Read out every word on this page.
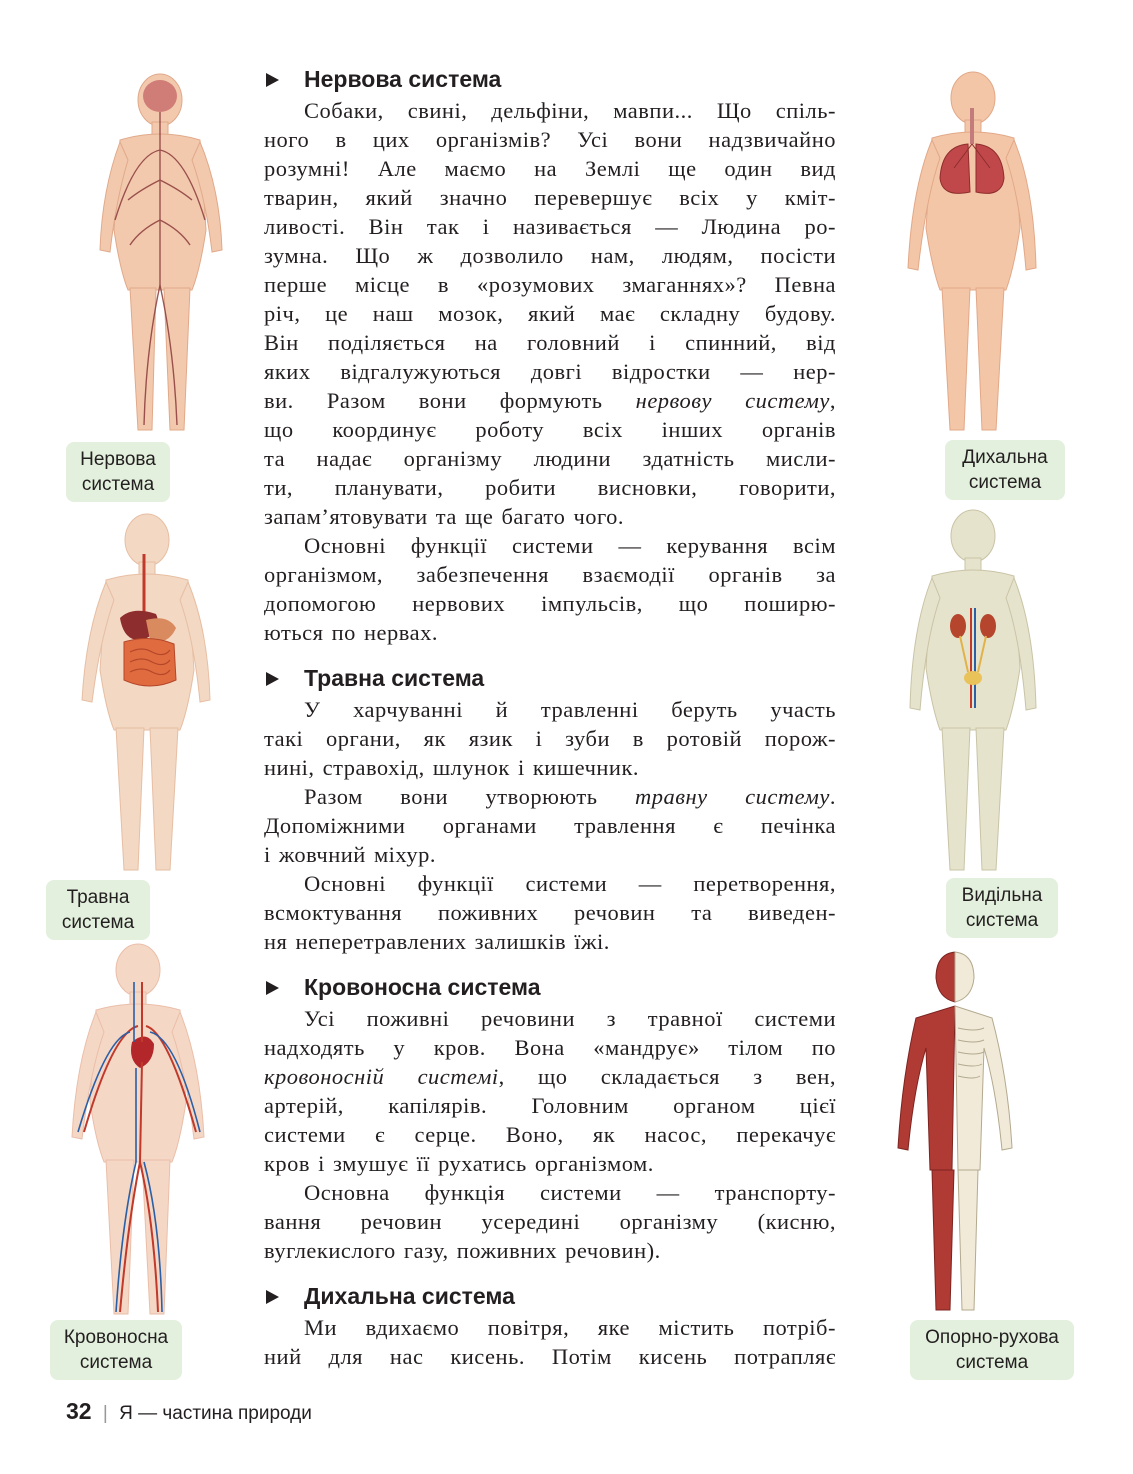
Нервова система

Собаки, свині, дельфіни, мавпи... Що спіль-
ного в цих організмів? Усі вони надзвичайно
розумні! Але маємо на Землі ще один вид
тварин, який значно перевершує всіх у кміт-
ливості. Він так і називається — Людина ро-
зумна. Що ж дозволило нам, людям, посісти
перше місце в «розумових змаганнях»? Певна
річ, це наш мозок, який має складну будову.
Він поділяється на головний і спинний, від
яких відгалужуються довгі відростки — нер-
ви. Разом вони формують нервову систему,
що координує роботу всіх інших органів
та надає організму людини здатність мисли-
ти, планувати, робити висновки, говорити,
запам’ятовувати та ще багато чого.

Основні функції системи — керування всім
організмом, забезпечення взаємодії органів за
допомогою нервових імпульсів, що поширю-
ються по нервах.

Травна система

У харчуванні й травленні беруть участь
такі органи, як язик і зуби в ротовій порож-
нині, стравохід, шлунок і кишечник.

Разом вони утворюють травну систему.
Допоміжними органами травлення є печінка
і жовчний міхур.

Основні функції системи — перетворення,
всмоктування поживних речовин та виведен-
ня неперетравлених залишків їжі.

Кровоносна система

Усі поживні речовини з травної системи
надходять у кров. Вона «мандрує» тілом по
кровоносній системі, що складається з вен,
артерій, капілярів. Головним органом цієї
системи є серце. Воно, як насос, перекачує
кров і змушує її рухатись організмом.

Основна функція системи — транспорту-
вання речовин усередині організму (кисню,
вуглекислого газу, поживних речовин).

Дихальна система

Ми вдихаємо повітря, яке містить потріб-
ний для нас кисень. Потім кисень потрапляє

Нервова
система
Травна
система
Кровоносна
система
Дихальна
система
Видільна
система
Опорно-рухова
система
32 | Я — частина природи
